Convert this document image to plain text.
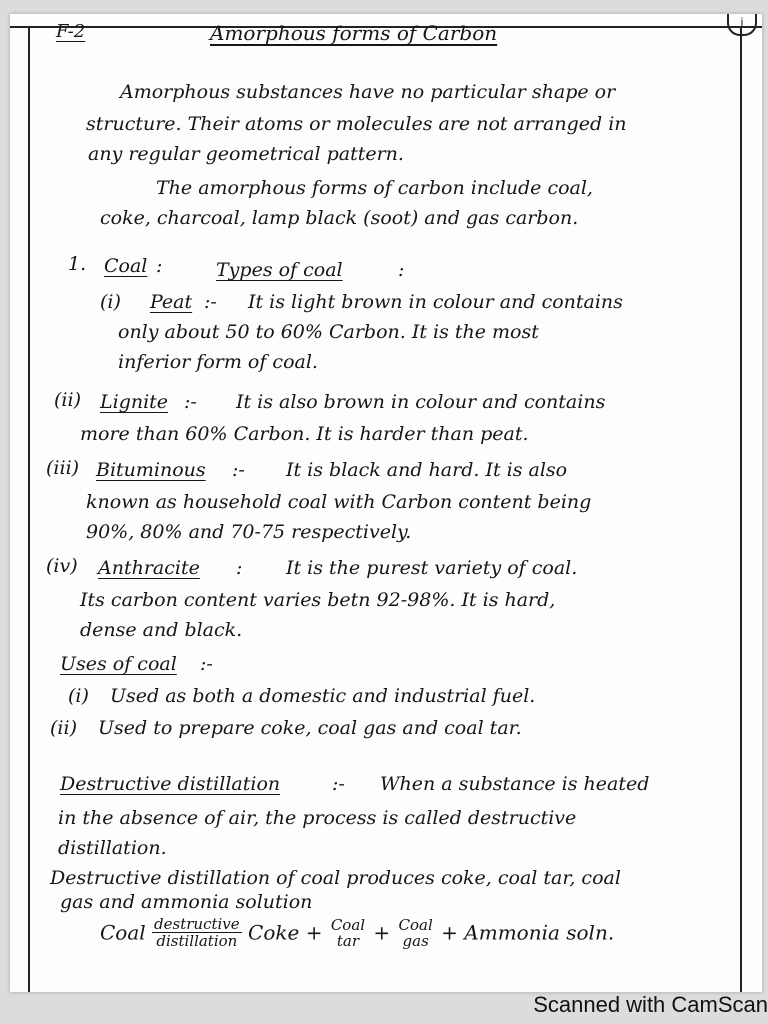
i
F-2	Amorphous forms of Carbon
Amorphous substances have no particular shape or
structure. Their atoms or molecules are not arranged in
any regular geometrical pattern.
The amorphous forms of carbon include coal,
coke, charcoal, lamp black (soot) and gas carbon.
1. Coal :	Types of coal	:
(i) Peat :- It is light brown in colour and contains
only about 50 to 60% Carbon. It is the most
inferior form of coal.
(ii) Lignite :- It is also brown in colour and contains
more than 60% Carbon. It is harder than peat.
(iii) Bituminous :- It is black and hard. It is also
known as household coal with Carbon content being
90%, 80% and 70-75 respectively.
(iv) Anthracite : It is the purest variety of coal.
Its carbon content varies betn 92-98%. It is hard,
dense and black.
Uses of coal :-
(i) Used as both a domestic and industrial fuel.
(ii) Used to prepare coke, coal gas and coal tar.
Destructive distillation	:- When a substance is heated
in the absence of air, the process is called destructive
distillation.
Destructive distillation of coal produces coke, coal tar, coal
gas and ammonia solution
Coal $\frac{\text{destructive}}{\text{distillation}}$ Coke + Coal
tar + Coal
gas + Ammonia soln.
Scanned with CamScan
